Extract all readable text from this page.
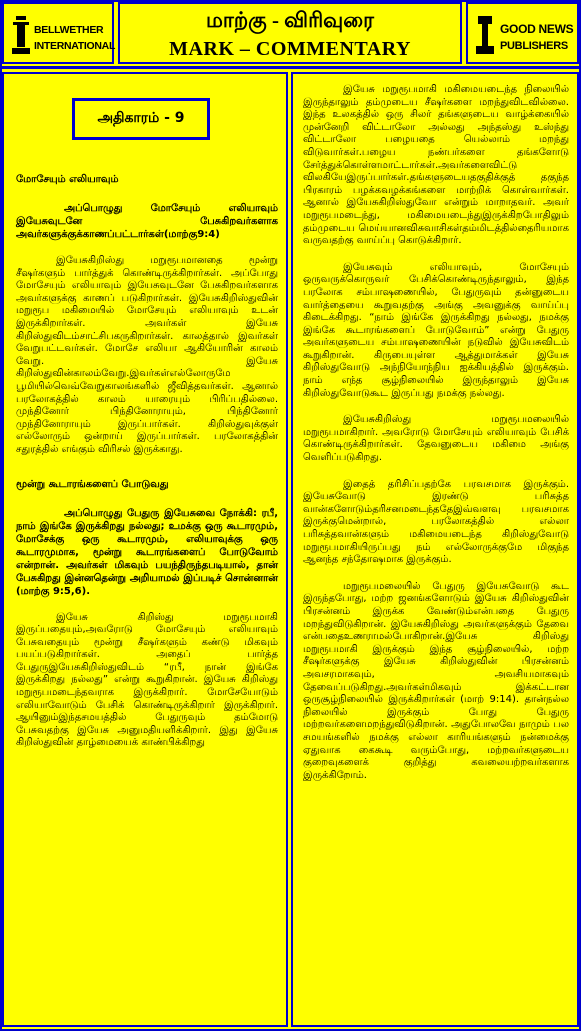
BELLWETHER
INTERNATIONAL
மாற்கு - விரிவுரை
MARK – COMMENTARY
GOOD NEWS
PUBLISHERS
அதிகாரம் - 9
மோசேயும் எலியாவும்
அப்பொழுது மோசேயும் எலியாவும் இயேசுவுடனே பேசுகிறவர்களாக அவர்களுக்குக்காணப்பட்டார்கள்(மாற்கு9:4)

இயேசுகிறிஸ்து மறுரூபமானதை மூன்று சீஷர்களும் பார்த்துக் கொண்டிருக்கிறார்கள். அப்போது மோசேயும் எலியாவும் இயேசுவுடனே பேசுகிறவர்களாக அவர்களுக்கு காணப் படுகிறார்கள். இயேசுகிறிஸ்துவின் மறுரூப மகிமையில் மோசேயும் எலியாவும் உடன் இருக்கிறார்கள். அவர்கள் இயேசு கிறிஸ்துவிடம்சாட்சிபகருகிறார்கள். காலத்தால் இவர்கள் வேறுபட்டவர்கள். மோசே எலியா ஆகியோரின் காலம் வேறு. இயேசு கிறிஸ்துவின்காலம்வேறு.இவர்கள்எல்லோருமே பூமியில்வெவ்வேறுகாலங்களில் ஜீவித்தவர்கள். ஆனால் பரலோகத்தில் காலம் யாரையும் பிரிப்பதில்லை. முந்தினோர் பிந்தினோராயும், பிந்தினோர் முந்தினோராயும் இருப்பார்கள். கிறிஸ்துவுக்குள் எல்லோரும் ஒன்றாய் இருப்பார்கள். பரலோகத்தின் சதுரத்தில் எங்கும் விரிசல் இருக்காது.

மூன்று கூடாரங்களைப் போடுவது
அப்பொழுது பேதுரு இயேசுவை நோக்கி: ரபீ, நாம் இங்கே இருக்கிறது நல்லது; உமக்கு ஒரு கூடாரமும், மோசேக்கு ஒரு கூடாரமும், எலியாவுக்கு ஒரு கூடாரமுமாக, மூன்று கூடாரங்களைப் போடுவோம் என்றான். அவர்கள் மிகவும் பயந்திருந்தபடியால், தான் பேசுகிறது இன்னதென்று அறியாமல் இப்படிச் சொன்னான் (மாற்கு 9:5,6).

இயேசு கிறிஸ்து மறுரூபமாகி இருப்பதையும்,அவரோடு மோசேயும் எலியாவும் பேசுவதையும் மூன்று சீஷர்களும் கண்டு மிகவும் பயப்படுகிறார்கள். அதைப் பார்த்த பேதுருஇயேசுகிறிஸ்துவிடம் “ரபீ, நான் இங்கே இருக்கிறது நல்லது” என்று கூறுகிறான். இயேசு கிறிஸ்து மறுரூபமடைந்தவராக இருக்கிறார். மோசேயோடும் எலியாவோடும் பேசிக் கொண்டிருக்கிறார் இருக்கிறார். ஆயினும்இந்தசமயத்தில் பேதுருவும் தம்மோடு பேசுவதற்கு இயேசு அனுமதியளிக்கிறார். இது இயேசு கிறிஸ்துவின் தாழ்மையைக் காண்பிக்கிறது

இயேசு மறுரூபமாகி மகிமையடைந்த நிலையில் இருந்தாலும் தம்முடைய சீஷர்களை மறந்துவிடவில்லை. இந்த உலகத்தில் ஒரு சிலர் தங்களுடைய வாழ்க்கையில் முன்னேறி விட்டாலோ அல்லது அந்தஸ்து உஸ்ந்து விட்டாலோ பழையதை யெல்லாம் மறந்து விடுவார்கள்.பழைய நண்பர்களை தங்களோடு சேர்த்துக்கொள்ளமாட்டார்கள்.அவர்களைவிட்டு விலகியேஇருப்பார்கள்.தங்களுடையதகுதிக்குத் தகுந்த பிரகாரம் பழக்கவழக்கங்களை மாற்றிக் கொள்வார்கள். ஆனால் இயேசுகிறிஸ்துவோ என்றும் மாறாதவர். அவர் மறுரூபமடைந்து, மகிமையடைந்துஇருக்கிறபோதிலும் தம்முடைய மெய்யானவிசுவாசிகள்தம்மிடத்தில்தைரியமாக வருவதற்கு வாய்ப்பு கொடுக்கிறார்.

இயேசுவும் எலியாவும், மோசேயும் ஒருவருக்கொருவர் பேசிக்கொண்டிருந்தாலும், இந்த பரலோக சம்பாஷணையில், பேதுருவும் தன்னுடைய வார்த்தையை கூறுவதற்கு அங்கு அவனுக்கு வாய்ப்பு கிடைக்கிறது. “நாம் இங்கே இருக்கிறது நல்லது, நமக்கு இங்கே கூடாரங்களைப் போடுவோம்” என்று பேதுரு அவர்களுடைய சம்பாஷணையின் நடுவில் இயேசுவிடம் கூறுகிறான். கிருபையுள்ள ஆத்துமாக்கள் இயேசு கிறிஸ்துவோடு அந்நியோந்நிய ஐக்கியத்தில் இருக்கும். நாம் எந்த சூழ்நிலையில் இருந்தாலும் இயேசு கிறிஸ்துவோடுகூட இருப்பது நமக்கு நல்லது.

இயேசுகிறிஸ்து மறுரூபமலையில் மறுரூபமாகிறார். அவரோடு மோசேயும் எலியாவும் பேசிக் கொண்டிருக்கிறார்கள். தேவனுடைய மகிமை அங்கு வெளிப்படுகிறது.

இதைத் தரிசிப்பதற்கே பரவசமாக இருக்கும். இயேசுவோடு இரண்டு பரிசுத்த வான்களோடும்தரிசனமடைந்ததேஇவ்வளவு பரவசமாக இருக்குமென்றால், பரலோகத்தில் எல்லா பரிசுத்தவான்களும் மகிமையடைந்த கிறிஸ்துவோடு மறுரூபமாகியிருப்பது நம் எல்லோருக்குமே மிகுந்த ஆனந்த சந்தோஷமாக இருக்கும்.

மறுரூபமலையில் பேதுரு இயேசுவோடு கூட இருந்தபோது, மற்ற ஜனங்களோடும் இயேசு கிறிஸ்துவின் பிரசன்னம் இருக்க வேண்டும்என்பதை பேதுரு மறந்துவிடுகிறான். இயேசுகிறிஸ்து அவர்களுக்கும் தேவை என்பதைஉணராமல்போகிறான்.இயேசு கிறிஸ்து மறுரூபமாகி இருக்கும் இந்த சூழ்நிலையில், மற்ற சீஷர்களுக்கு இயேசு கிறிஸ்துவின் பிரசன்னம் அவசரமாகவும், அவசியமாகவும் தேவைப்படுகிறது.அவர்கள்மிகவும் இக்கட்டான ஒருசூழ்நிலையில் இருக்கிறார்கள் (மாற் 9:14). தான்நல்ல நிலையில் இருக்கும் போது பேதுரு மற்றவர்களைமறந்துவிடுகிறான். அதுபோலவே நாமும் பல சமயங்களில் நமக்கு எல்லா காரியங்களும் நன்மைக்கு ஏதுவாக கைகூடி வரும்போது, மற்றவர்களுடைய குறைவுகளைக் குறித்து கவலையற்றவர்களாக இருக்கிறோம்.
